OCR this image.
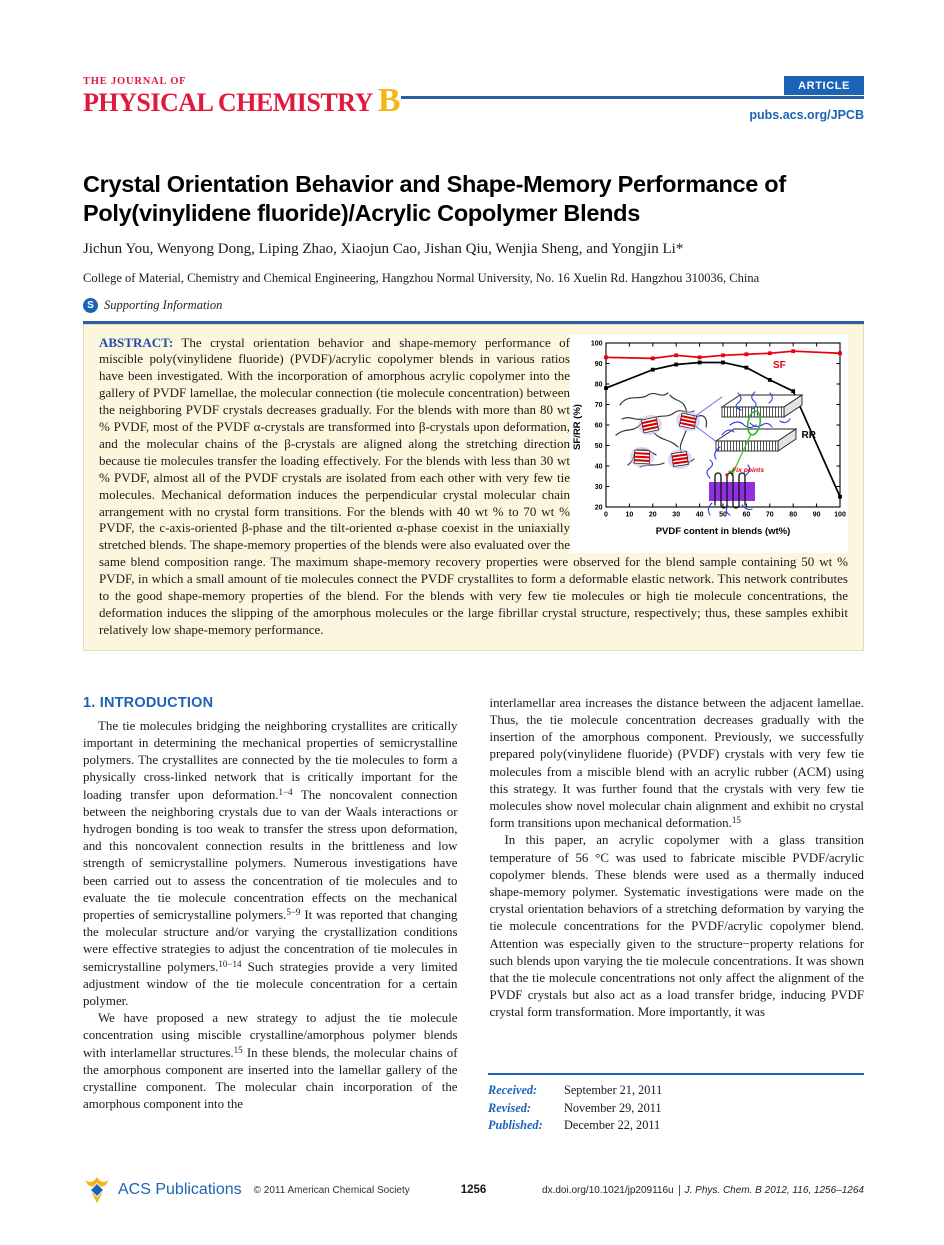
THE JOURNAL OF
PHYSICAL CHEMISTRY B	ARTICLE
pubs.acs.org/JPCB
Crystal Orientation Behavior and Shape-Memory Performance of
Poly(vinylidene fluoride)/Acrylic Copolymer Blends
Jichun You, Wenyong Dong, Liping Zhao, Xiaojun Cao, Jishan Qiu, Wenjia Sheng, and Yongjin Li*
College of Material, Chemistry and Chemical Engineering, Hangzhou Normal University, No. 16 Xuelin Rd. Hangzhou 310036, China
S Supporting Information
0	10 20 30 40 50 60 70 80 90 100
20
30
40
50
60
70
80
90
100
SF
RR
Fix points
PVDF content in blends (wt%)
SF/RR (%)

ABSTRACT: The crystal orientation behavior and shape-memory performance of miscible poly(vinylidene fluoride) (PVDF)/acrylic copolymer blends in various ratios have been investigated. With the incorporation of amorphous acrylic copolymer into the gallery of PVDF lamellae, the molecular connection (tie molecule concentration) between the neighboring PVDF crystals decreases gradually. For the blends with more than 80 wt % PVDF, most of the PVDF α-crystals are transformed into β-crystals upon deformation, and the molecular chains of the β-crystals are aligned along the stretching direction because tie molecules transfer the loading effectively. For the blends with less than 30 wt % PVDF, almost all of the PVDF crystals are isolated from each other with very few tie molecules. Mechanical deformation induces the perpendicular crystal molecular chain arrangement with no crystal form transitions. For the blends with 40 wt % to 70 wt % PVDF, the c-axis-oriented β-phase and the tilt-oriented α-phase coexist in the uniaxially stretched blends. The shape-memory properties of the blends were also evaluated over the same blend composition range. The maximum shape-memory recovery properties were observed for the blend sample containing 50 wt % PVDF, in which a small amount of tie molecules connect the PVDF crystallites to form a deformable elastic network. This network contributes to the good shape-memory properties of the blend. For the blends with very few tie molecules or high tie molecule concentrations, the deformation induces the slipping of the amorphous molecules or the large fibrillar crystal structure, respectively; thus, these samples exhibit relatively low shape-memory performance.

1. INTRODUCTION

The tie molecules bridging the neighboring crystallites are critically important in determining the mechanical properties of semicrystalline polymers. The crystallites are connected by the tie molecules to form a physically cross-linked network that is critically important for the loading transfer upon deformation.$^{1-4}$ The noncovalent connection between the neighboring crystals due to van der Waals interactions or hydrogen bonding is too weak to transfer the stress upon deformation, and this noncovalent connection results in the brittleness and low strength of semicrystalline polymers. Numerous investigations have been carried out to assess the concentration of tie molecules and to evaluate the tie molecule concentration effects on the mechanical properties of semicrystalline polymers.$^{5-9}$ It was reported that changing the molecular structure and/or varying the crystallization conditions were effective strategies to adjust the concentration of tie molecules in semicrystalline polymers.$^{10-14}$ Such strategies provide a very limited adjustment window of the tie molecule concentration for a certain polymer.

We have proposed a new strategy to adjust the tie molecule concentration using miscible crystalline/amorphous polymer blends with interlamellar structures.$^{15}$ In these blends, the molecular chains of the amorphous component are inserted into the lamellar gallery of the crystalline component. The molecular chain incorporation of the amorphous component into the

interlamellar area increases the distance between the adjacent lamellae. Thus, the tie molecule concentration decreases gradually with the insertion of the amorphous component. Previously, we successfully prepared poly(vinylidene fluoride) (PVDF) crystals with very few tie molecules from a miscible blend with an acrylic rubber (ACM) using this strategy. It was further found that the crystals with very few tie molecules show novel molecular chain alignment and exhibit no crystal form transitions upon mechanical deformation.$^{15}$

In this paper, an acrylic copolymer with a glass transition temperature of 56 °C was used to fabricate miscible PVDF/acrylic copolymer blends. These blends were used as a thermally induced shape-memory polymer. Systematic investigations were made on the crystal orientation behaviors of a stretching deformation by varying the tie molecule concentrations for the PVDF/acrylic copolymer blend. Attention was especially given to the structure−property relations for such blends upon varying the tie molecule concentrations. It was shown that the tie molecule concentrations not only affect the alignment of the PVDF crystals but also act as a load transfer bridge, inducing PVDF crystal form transformation. More importantly, it was

Received:	September 21, 2011
Revised:	November 29, 2011
Published:	December 22, 2011
ACS Publications © 2011 American Chemical Society	1256	dx.doi.org/10.1021/jp209116u J. Phys. Chem. B 2012, 116, 1256–1264
